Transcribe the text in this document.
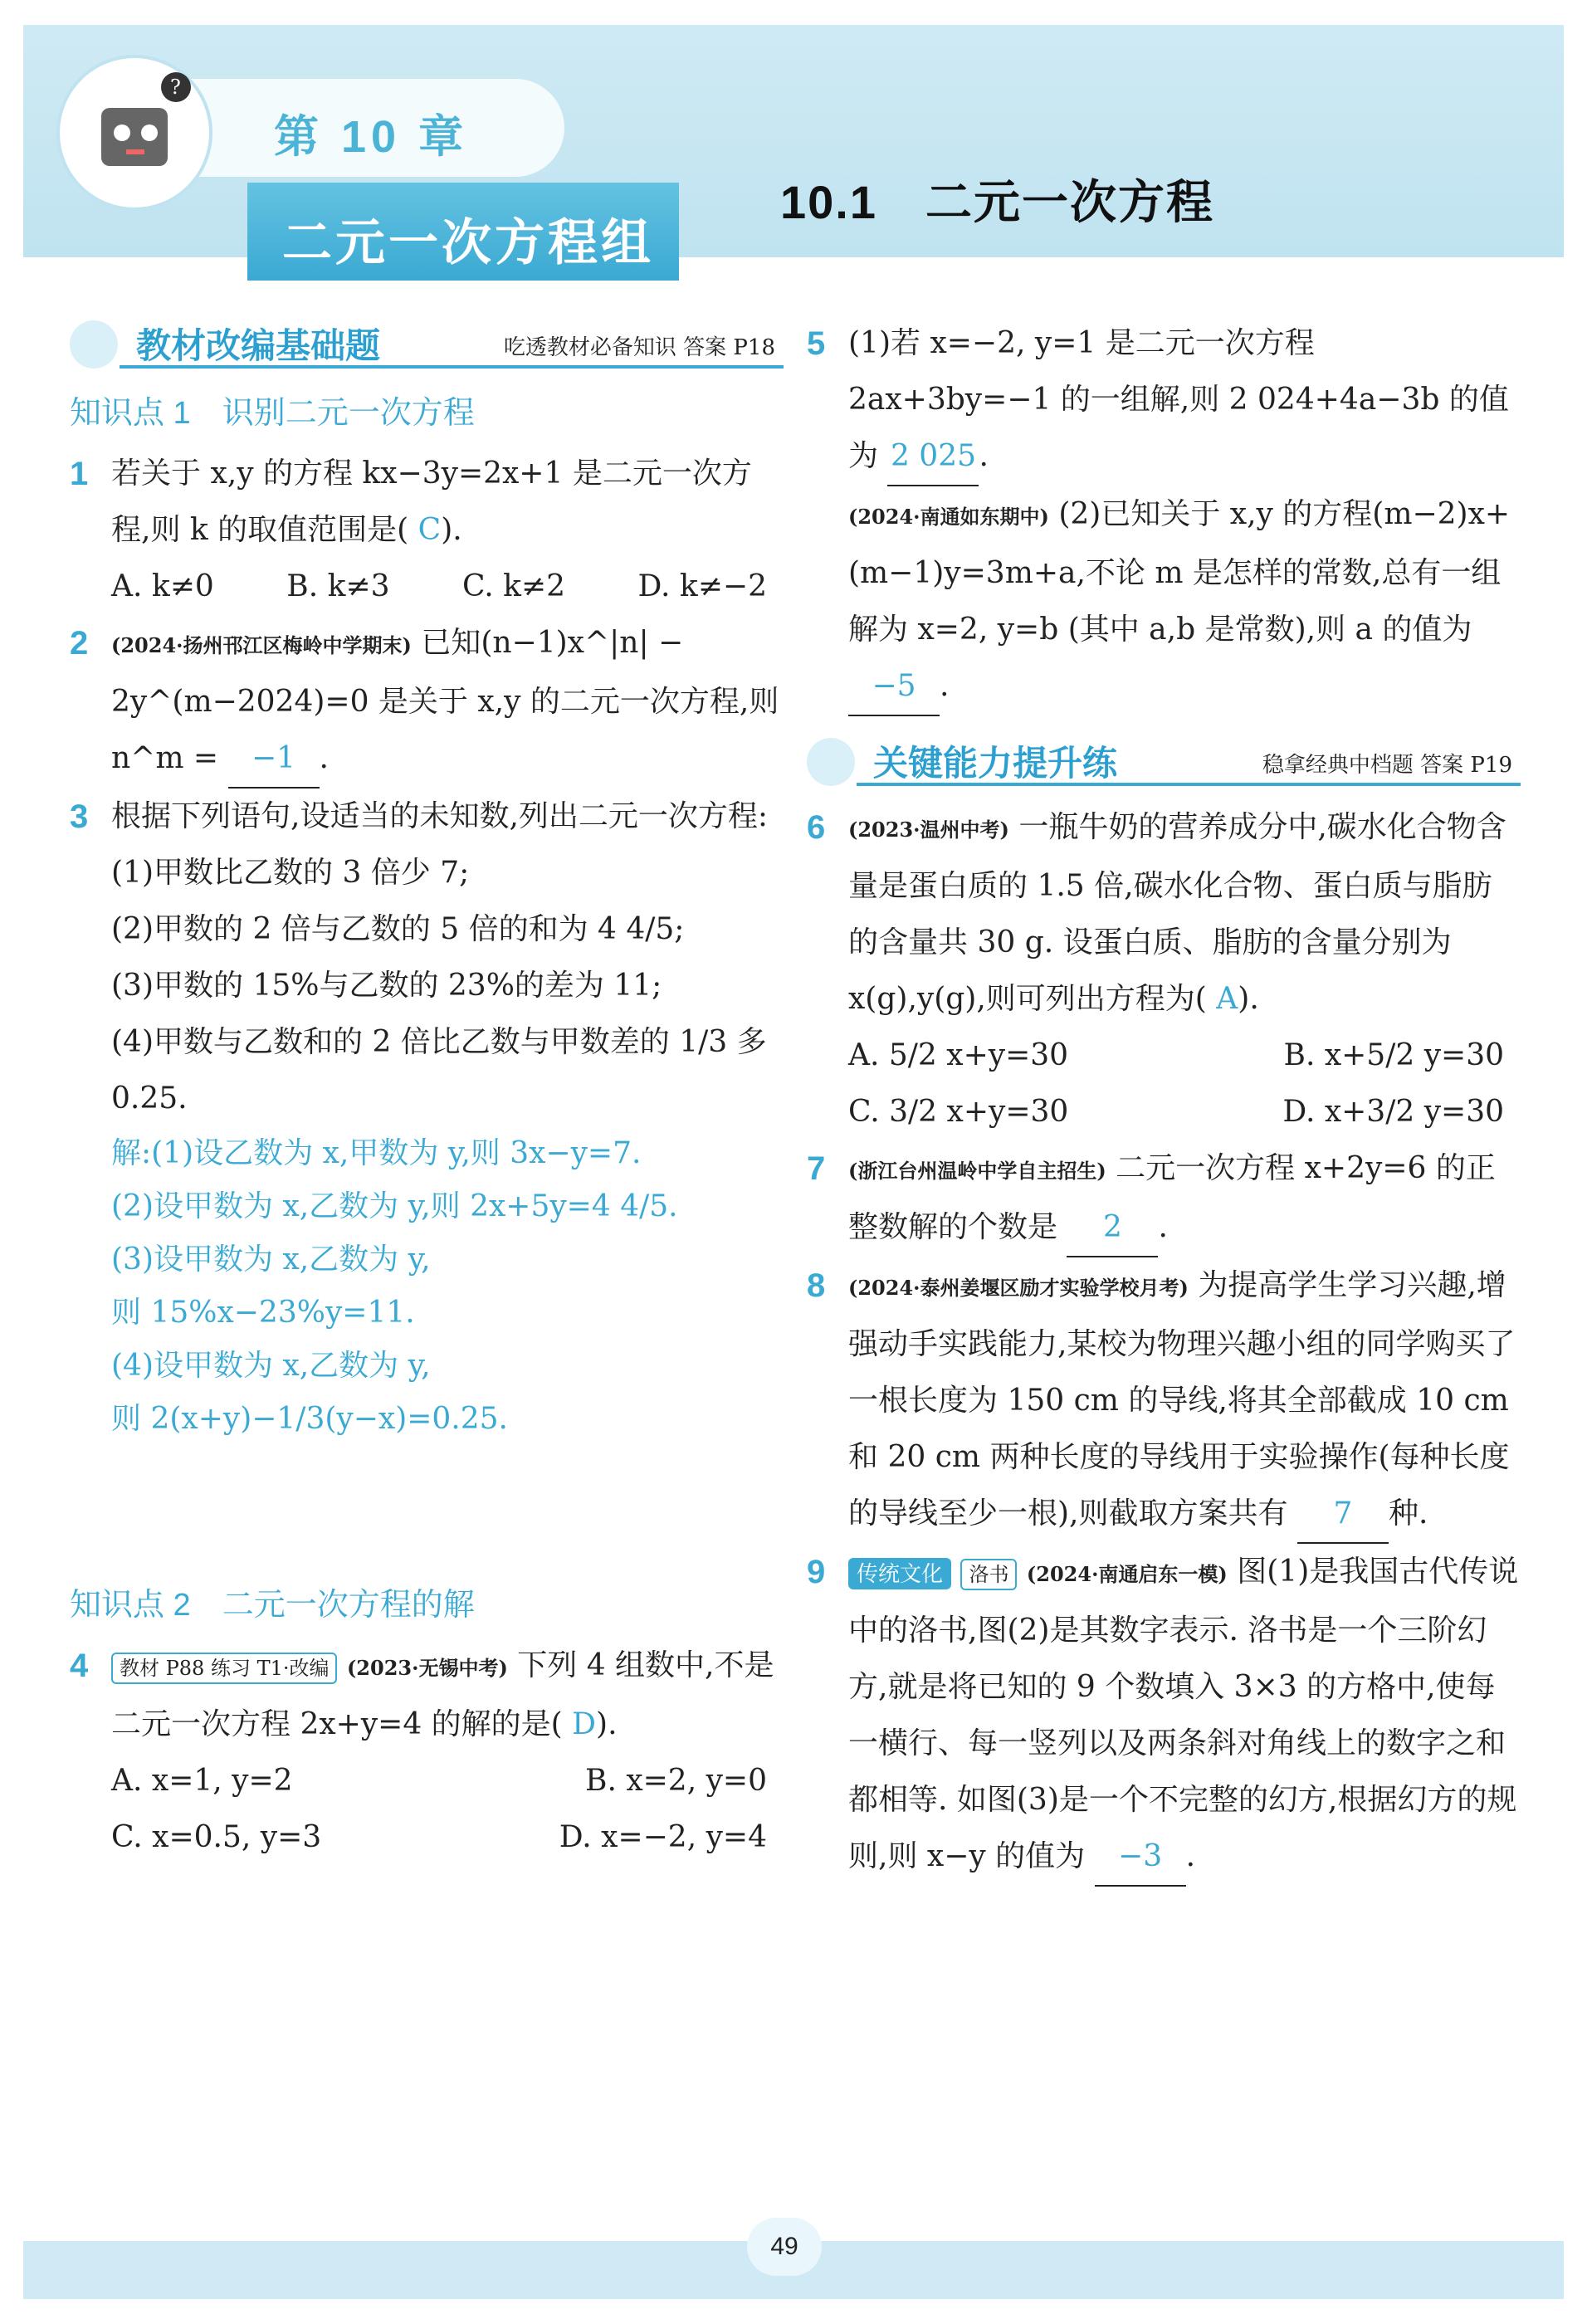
?
第 10 章
二元一次方程组
10.1　二元一次方程
教材改编基础题	吃透教材必备知识 答案 P18
知识点 1　识别二元一次方程
1 若关于 x,y 的方程 kx−3y=2x+1 是二元一次方程,则 k 的取值范围是( C).
A. k≠0 B. k≠3 C. k≠2 D. k≠−2
2 (2024·扬州邗江区梅岭中学期末) 已知(n−1)x^|n| − 2y^(m−2024)=0 是关于 x,y 的二元一次方程,则 n^m = −1 .
3 根据下列语句,设适当的未知数,列出二元一次方程:
(1)甲数比乙数的 3 倍少 7;
(2)甲数的 2 倍与乙数的 5 倍的和为 4 4/5;
(3)甲数的 15%与乙数的 23%的差为 11;
(4)甲数与乙数和的 2 倍比乙数与甲数差的 1/3 多 0.25.
解:(1)设乙数为 x,甲数为 y,则 3x−y=7.
(2)设甲数为 x,乙数为 y,则 2x+5y=4 4/5.
(3)设甲数为 x,乙数为 y,
则 15%x−23%y=11.
(4)设甲数为 x,乙数为 y,
则 2(x+y)−1/3(y−x)=0.25.
知识点 2　二元一次方程的解
4 教材 P88 练习 T1·改编 (2023·无锡中考) 下列 4 组数中,不是二元一次方程 2x+y=4 的解的是( D).
A. x=1, y=2	B. x=2, y=0
C. x=0.5, y=3	D. x=−2, y=4
5 (1)若 x=−2, y=1 是二元一次方程 2ax+3by=−1 的一组解,则 2 024+4a−3b 的值为 2 025.
(2024·南通如东期中) (2)已知关于 x,y 的方程(m−2)x+(m−1)y=3m+a,不论 m 是怎样的常数,总有一组解为 x=2, y=b (其中 a,b 是常数),则 a 的值为 −5 .
关键能力提升练	稳拿经典中档题 答案 P19
6 (2023·温州中考) 一瓶牛奶的营养成分中,碳水化合物含量是蛋白质的 1.5 倍,碳水化合物、蛋白质与脂肪的含量共 30 g. 设蛋白质、脂肪的含量分别为 x(g),y(g),则可列出方程为( A).
A. 5/2 x+y=30	B. x+5/2 y=30
C. 3/2 x+y=30	D. x+3/2 y=30
7 (浙江台州温岭中学自主招生) 二元一次方程 x+2y=6 的正整数解的个数是 2 .
8 (2024·泰州姜堰区励才实验学校月考) 为提高学生学习兴趣,增强动手实践能力,某校为物理兴趣小组的同学购买了一根长度为 150 cm 的导线,将其全部截成 10 cm 和 20 cm 两种长度的导线用于实验操作(每种长度的导线至少一根),则截取方案共有 7 种.
9 传统文化 洛书 (2024·南通启东一模) 图(1)是我国古代传说中的洛书,图(2)是其数字表示. 洛书是一个三阶幻方,就是将已知的 9 个数填入 3×3 的方格中,使每一横行、每一竖列以及两条斜对角线上的数字之和都相等. 如图(3)是一个不完整的幻方,根据幻方的规则,则 x−y 的值为 −3 .
49
